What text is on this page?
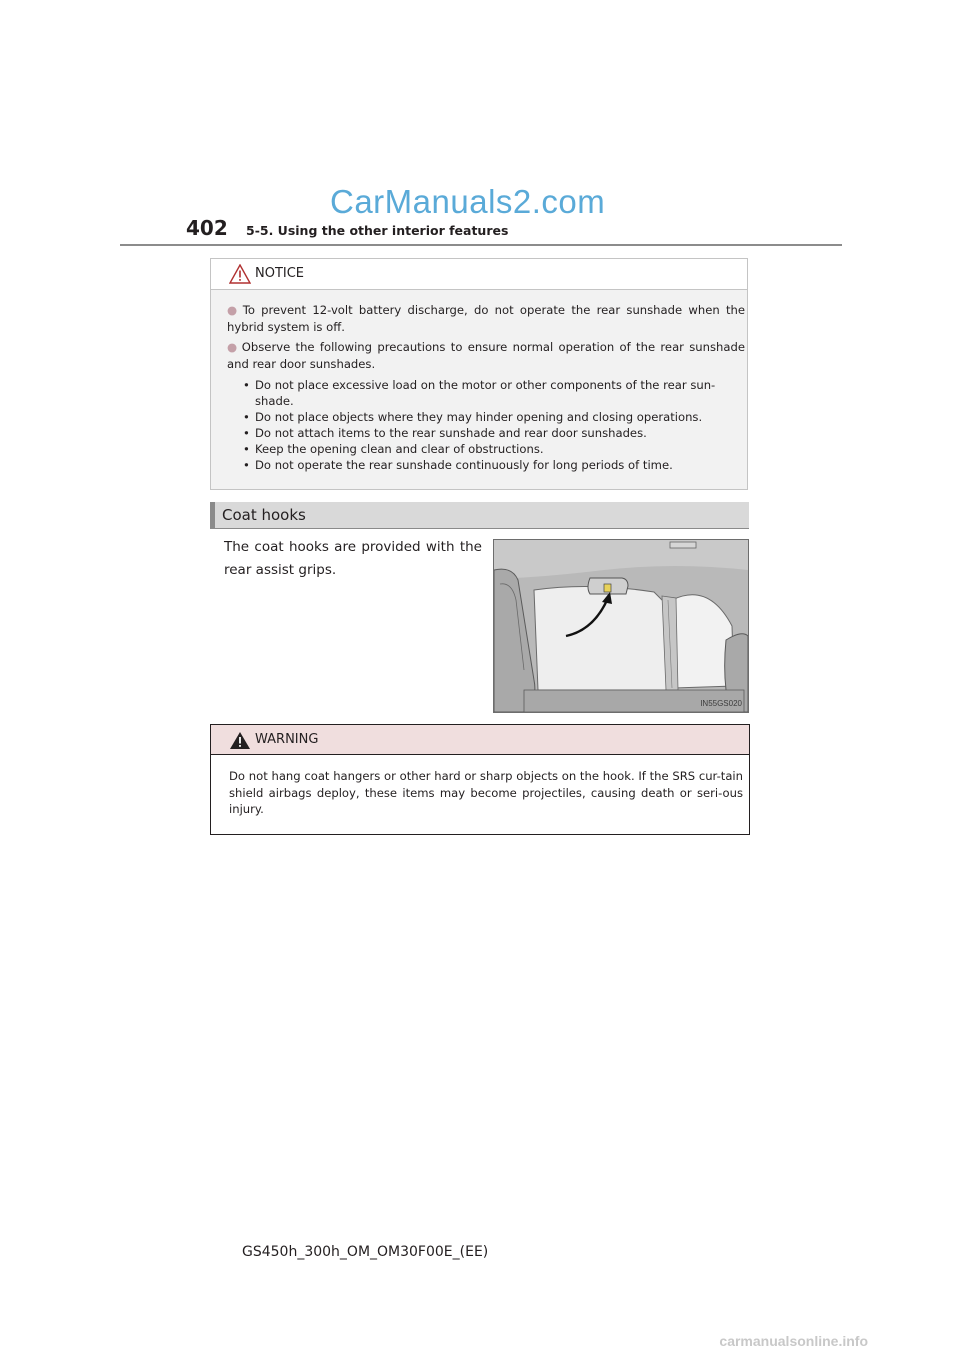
CarManuals2.com
402 5-5. Using the other interior features
NOTICE
● To prevent 12-volt battery discharge, do not operate the rear sunshade when the hybrid system is off.
● Observe the following precautions to ensure normal operation of the rear sunshade and rear door sunshades.
• Do not place excessive load on the motor or other components of the rear sun-shade.
• Do not place objects where they may hinder opening and closing operations.
• Do not attach items to the rear sunshade and rear door sunshades.
• Keep the opening clean and clear of obstructions.
• Do not operate the rear sunshade continuously for long periods of time.
Coat hooks
The coat hooks are provided with the rear assist grips.
IN55GS020
WARNING
Do not hang coat hangers or other hard or sharp objects on the hook. If the SRS cur-tain shield airbags deploy, these items may become projectiles, causing death or seri-ous injury.
GS450h_300h_OM_OM30F00E_(EE)
carmanualsonline.info
